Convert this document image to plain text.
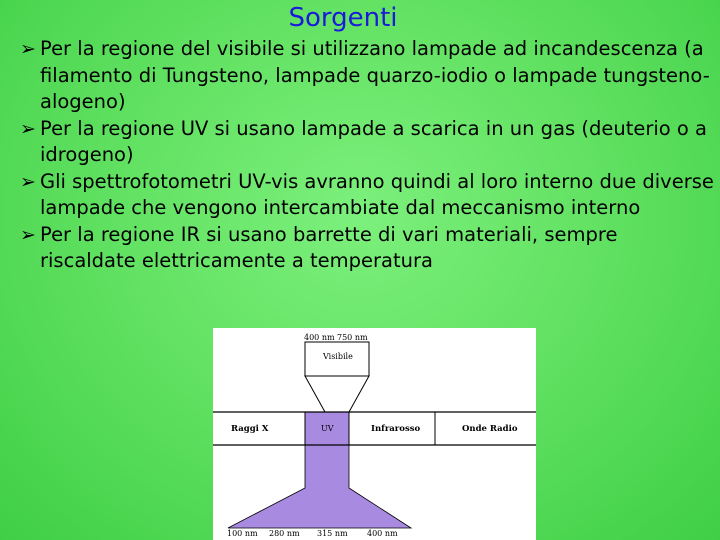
Sorgenti
➢ Per la regione del visibile si utilizzano lampade ad incandescenza (a filamento di Tungsteno, lampade quarzo-iodio o lampade tungsteno-alogeno)
➢ Per la regione UV si usano lampade a scarica in un gas (deuterio o a idrogeno)
➢ Gli spettrofotometri UV-vis avranno quindi al loro interno due diverse lampade che vengono intercambiate dal meccanismo interno
➢ Per la regione IR si usano barrette di vari materiali, sempre riscaldate elettricamente a temperatura
400 nm 750 nm
Visibile
Raggi X	UV	Infrarosso	Onde Radio
100 nm 280 nm 315 nm 400 nm
